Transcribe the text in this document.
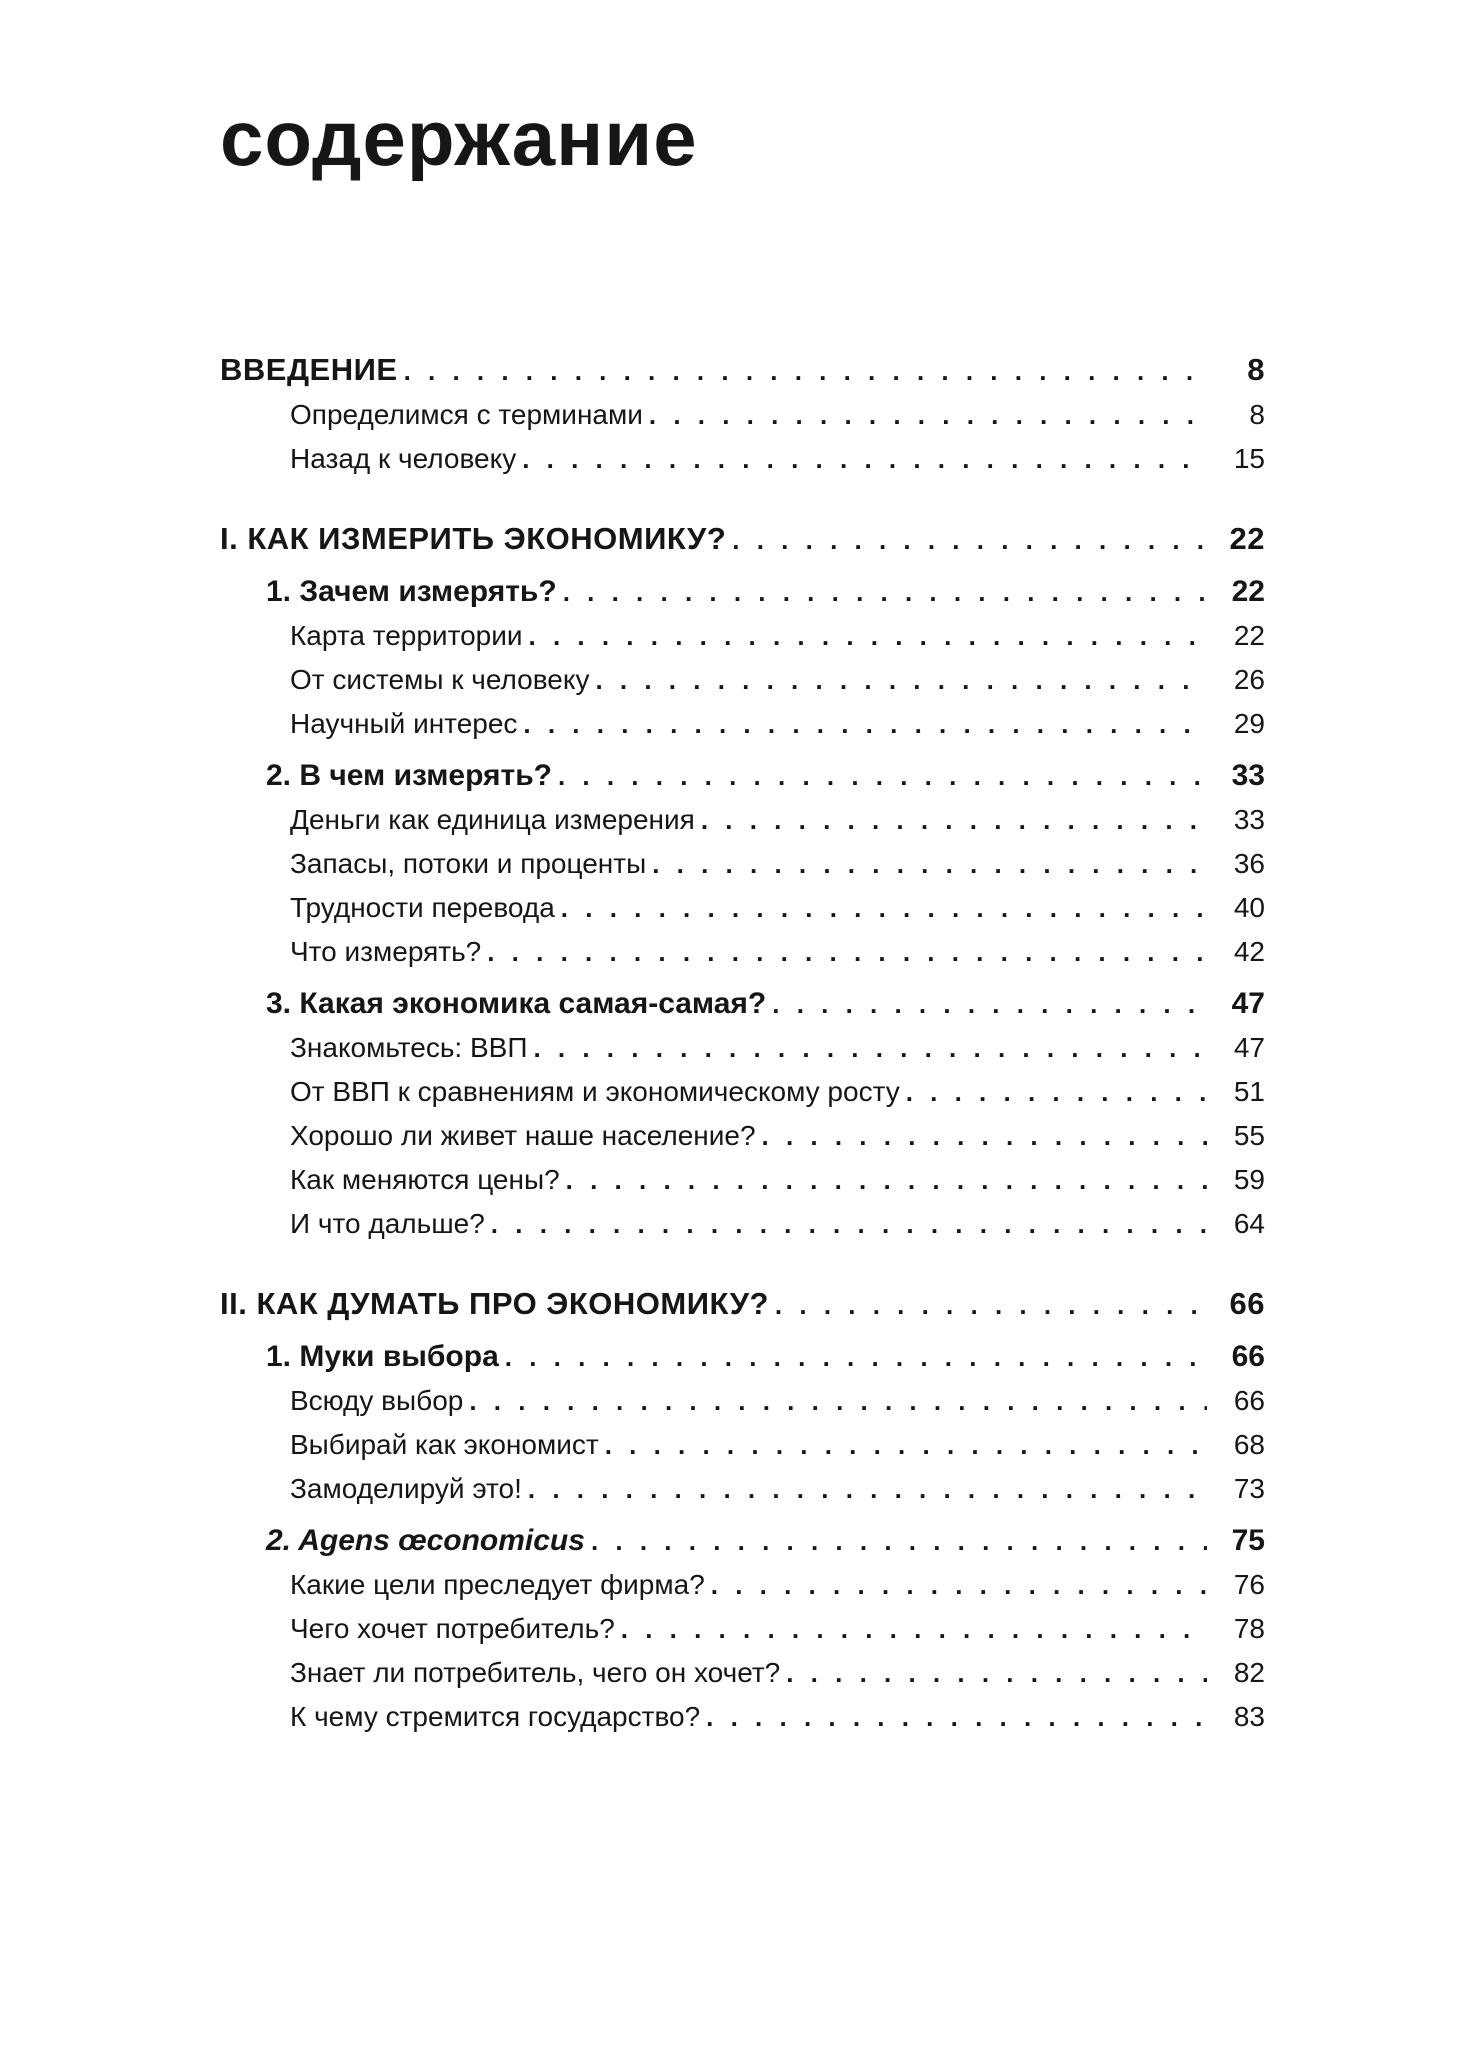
содержание
ВВЕДЕНИЕ . . .	8
Определимся с терминами . . .	8
Назад к человеку . . .	15
I. КАК ИЗМЕРИТЬ ЭКОНОМИКУ? . . .	22
1. Зачем измерять? . . .	22
Карта территории . . .	22
От системы к человеку . . .	26
Научный интерес . . .	29
2. В чем измерять? . . .	33
Деньги как единица измерения . . .	33
Запасы, потоки и проценты . . .	36
Трудности перевода . . .	40
Что измерять? . . .	42
3. Какая экономика самая-самая? . . .	47
Знакомьтесь: ВВП . . .	47
От ВВП к сравнениям и экономическому росту . . .	51
Хорошо ли живет наше население? . . .	55
Как меняются цены? . . .	59
И что дальше? . . .	64
II. КАК ДУМАТЬ ПРО ЭКОНОМИКУ? . . .	66
1. Муки выбора . . .	66
Всюду выбор . . .	66
Выбирай как экономист . . .	68
Замоделируй это! . . .	73
2. Agens œconomicus . . .	75
Какие цели преследует фирма? . . .	76
Чего хочет потребитель? . . .	78
Знает ли потребитель, чего он хочет? . . .	82
К чему стремится государство? . . .	83
